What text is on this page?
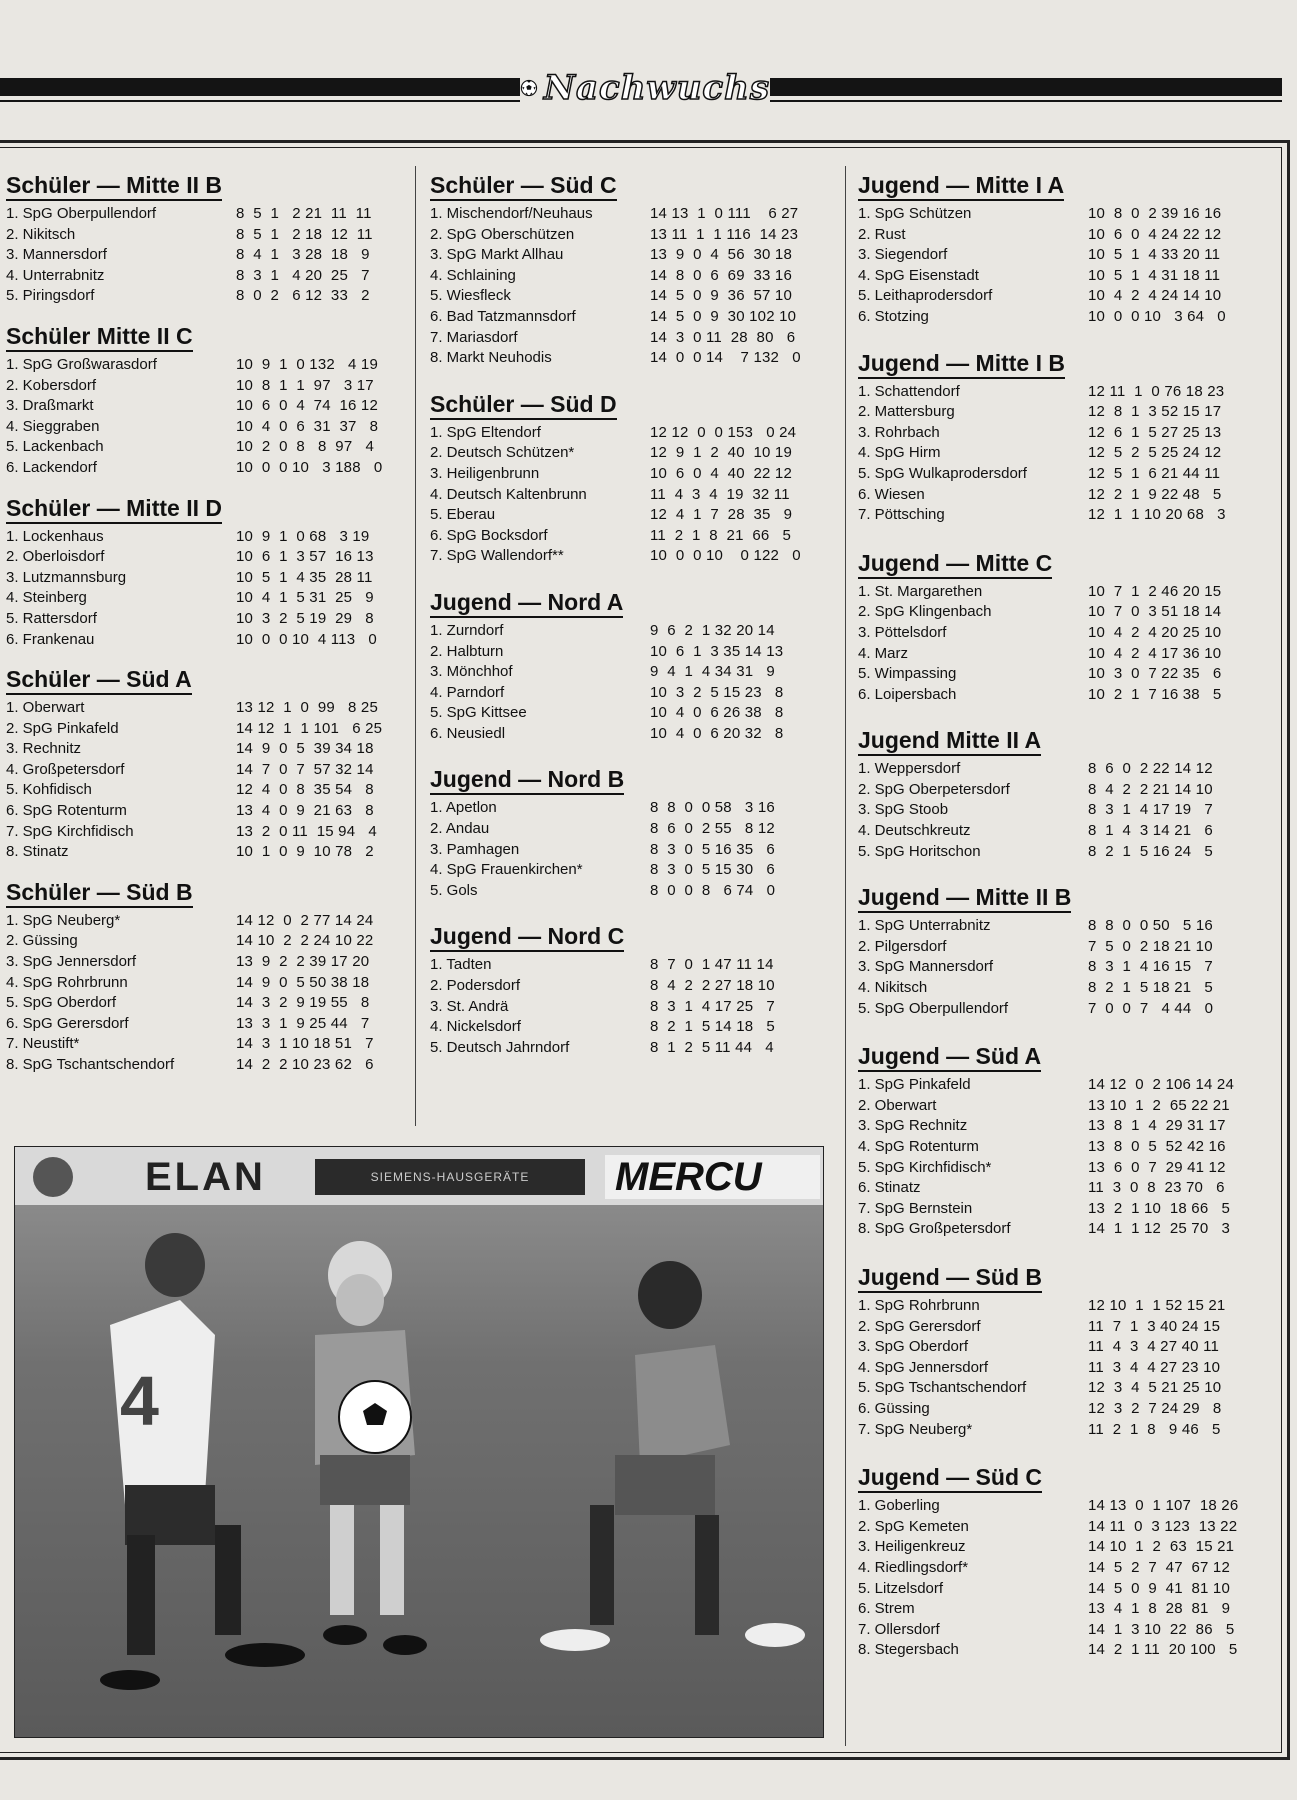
Nachwuchs
Schüler — Mitte II B
1. SpG Oberpullendorf	8  5  1   2 21  11  11
2. Nikitsch	8  5  1   2 18  12  11
3. Mannersdorf	8  4  1   3 28  18   9
4. Unterrabnitz	8  3  1   4 20  25   7
5. Piringsdorf	8  0  2   6 12  33   2
Schüler Mitte II C
1. SpG Großwarasdorf	10  9  1  0 132   4 19
2. Kobersdorf	10  8  1  1  97   3 17
3. Draßmarkt	10  6  0  4  74  16 12
4. Sieggraben	10  4  0  6  31  37   8
5. Lackenbach	10  2  0  8   8  97   4
6. Lackendorf	10  0  0 10   3 188   0
Schüler — Mitte II D
1. Lockenhaus	10  9  1  0 68   3 19
2. Oberloisdorf	10  6  1  3 57  16 13
3. Lutzmannsburg	10  5  1  4 35  28 11
4. Steinberg	10  4  1  5 31  25   9
5. Rattersdorf	10  3  2  5 19  29   8
6. Frankenau	10  0  0 10  4 113   0
Schüler — Süd A
1. Oberwart	13 12  1  0  99   8 25
2. SpG Pinkafeld	14 12  1  1 101   6 25
3. Rechnitz	14  9  0  5  39 34 18
4. Großpetersdorf	14  7  0  7  57 32 14
5. Kohfidisch	12  4  0  8  35 54   8
6. SpG Rotenturm	13  4  0  9  21 63   8
7. SpG Kirchfidisch	13  2  0 11  15 94   4
8. Stinatz	10  1  0  9  10 78   2
Schüler — Süd B
1. SpG Neuberg*	14 12  0  2 77 14 24
2. Güssing	14 10  2  2 24 10 22
3. SpG Jennersdorf	13  9  2  2 39 17 20
4. SpG Rohrbrunn	14  9  0  5 50 38 18
5. SpG Oberdorf	14  3  2  9 19 55   8
6. SpG Gerersdorf	13  3  1  9 25 44   7
7. Neustift*	14  3  1 10 18 51   7
8. SpG Tschantschendorf	14  2  2 10 23 62   6
Schüler — Süd C
1. Mischendorf/Neuhaus	14 13  1  0 111    6 27
2. SpG Oberschützen	13 11  1  1 116  14 23
3. SpG Markt Allhau	13  9  0  4  56  30 18
4. Schlaining	14  8  0  6  69  33 16
5. Wiesfleck	14  5  0  9  36  57 10
6. Bad Tatzmannsdorf	14  5  0  9  30 102 10
7. Mariasdorf	14  3  0 11  28  80   6
8. Markt Neuhodis	14  0  0 14    7 132   0
Schüler — Süd D
1. SpG Eltendorf	12 12  0  0 153   0 24
2. Deutsch Schützen*	12  9  1  2  40  10 19
3. Heiligenbrunn	10  6  0  4  40  22 12
4. Deutsch Kaltenbrunn	11  4  3  4  19  32 11
5. Eberau	12  4  1  7  28  35   9
6. SpG Bocksdorf	11  2  1  8  21  66   5
7. SpG Wallendorf**	10  0  0 10    0 122   0
Jugend — Nord A
1. Zurndorf	9  6  2  1 32 20 14
2. Halbturn	10  6  1  3 35 14 13
3. Mönchhof	9  4  1  4 34 31   9
4. Parndorf	10  3  2  5 15 23   8
5. SpG Kittsee	10  4  0  6 26 38   8
6. Neusiedl	10  4  0  6 20 32   8
Jugend — Nord B
1. Apetlon	8  8  0  0 58   3 16
2. Andau	8  6  0  2 55   8 12
3. Pamhagen	8  3  0  5 16 35   6
4. SpG Frauenkirchen*	8  3  0  5 15 30   6
5. Gols	8  0  0  8   6 74   0
Jugend — Nord C
1. Tadten	8  7  0  1 47 11 14
2. Podersdorf	8  4  2  2 27 18 10
3. St. Andrä	8  3  1  4 17 25   7
4. Nickelsdorf	8  2  1  5 14 18   5
5. Deutsch Jahrndorf	8  1  2  5 11 44   4
Jugend — Mitte I A
1. SpG Schützen	10  8  0  2 39 16 16
2. Rust	10  6  0  4 24 22 12
3. Siegendorf	10  5  1  4 33 20 11
4. SpG Eisenstadt	10  5  1  4 31 18 11
5. Leithaprodersdorf	10  4  2  4 24 14 10
6. Stotzing	10  0  0 10   3 64   0
Jugend — Mitte I B
1. Schattendorf	12 11  1  0 76 18 23
2. Mattersburg	12  8  1  3 52 15 17
3. Rohrbach	12  6  1  5 27 25 13
4. SpG Hirm	12  5  2  5 25 24 12
5. SpG Wulkaprodersdorf	12  5  1  6 21 44 11
6. Wiesen	12  2  1  9 22 48   5
7. Pöttsching	12  1  1 10 20 68   3
Jugend — Mitte C
1. St. Margarethen	10  7  1  2 46 20 15
2. SpG Klingenbach	10  7  0  3 51 18 14
3. Pöttelsdorf	10  4  2  4 20 25 10
4. Marz	10  4  2  4 17 36 10
5. Wimpassing	10  3  0  7 22 35   6
6. Loipersbach	10  2  1  7 16 38   5
Jugend Mitte II A
1. Weppersdorf	8  6  0  2 22 14 12
2. SpG Oberpetersdorf	8  4  2  2 21 14 10
3. SpG Stoob	8  3  1  4 17 19   7
4. Deutschkreutz	8  1  4  3 14 21   6
5. SpG Horitschon	8  2  1  5 16 24   5
Jugend — Mitte II B
1. SpG Unterrabnitz	8  8  0  0 50   5 16
2. Pilgersdorf	7  5  0  2 18 21 10
3. SpG Mannersdorf	8  3  1  4 16 15   7
4. Nikitsch	8  2  1  5 18 21   5
5. SpG Oberpullendorf	7  0  0  7   4 44   0
Jugend — Süd A
1. SpG Pinkafeld	14 12  0  2 106 14 24
2. Oberwart	13 10  1  2  65 22 21
3. SpG Rechnitz	13  8  1  4  29 31 17
4. SpG Rotenturm	13  8  0  5  52 42 16
5. SpG Kirchfidisch*	13  6  0  7  29 41 12
6. Stinatz	11  3  0  8  23 70   6
7. SpG Bernstein	13  2  1 10  18 66   5
8. SpG Großpetersdorf	14  1  1 12  25 70   3
Jugend — Süd B
1. SpG Rohrbrunn	12 10  1  1 52 15 21
2. SpG Gerersdorf	11  7  1  3 40 24 15
3. SpG Oberdorf	11  4  3  4 27 40 11
4. SpG Jennersdorf	11  3  4  4 27 23 10
5. SpG Tschantschendorf	12  3  4  5 21 25 10
6. Güssing	12  3  2  7 24 29   8
7. SpG Neuberg*	11  2  1  8   9 46   5
Jugend — Süd C
1. Goberling	14 13  0  1 107  18 26
2. SpG Kemeten	14 11  0  3 123  13 22
3. Heiligenkreuz	14 10  1  2  63  15 21
4. Riedlingsdorf*	14  5  2  7  47  67 12
5. Litzelsdorf	14  5  0  9  41  81 10
6. Strem	13  4  1  8  28  81   9
7. Ollersdorf	14  1  3 10  22  86   5
8. Stegersbach	14  2  1 11  20 100   5
ELAN	SIEMENS-HAUSGERÄTE	MERCU
4
